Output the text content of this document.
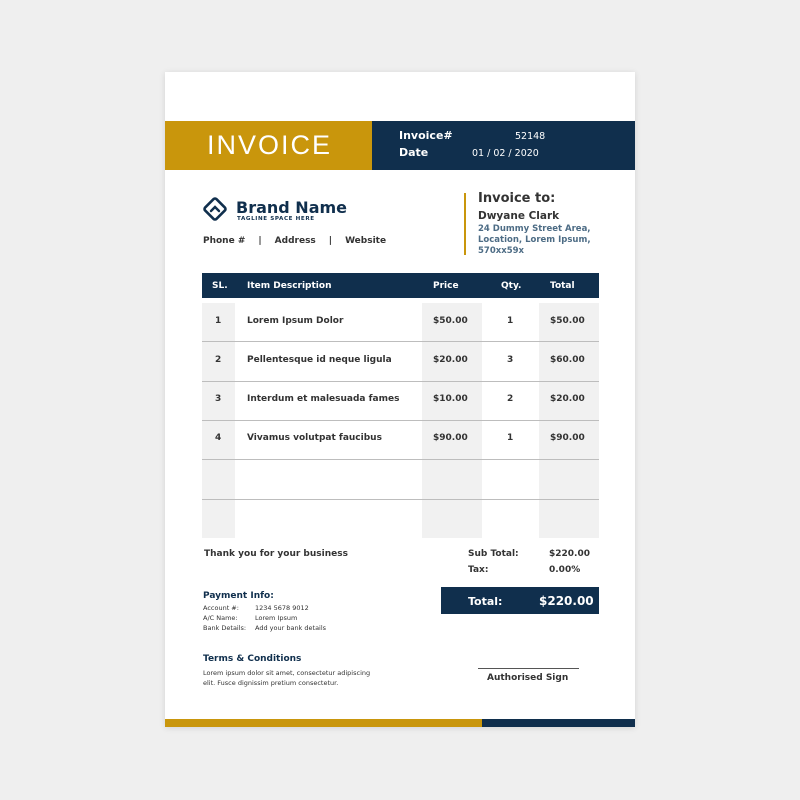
INVOICE	Invoice#	52148
Date	01 / 02 / 2020
Brand Name
TAGLINE SPACE HERE
Phone # | Address | Website
Invoice to:
Dwyane Clark
24 Dummy Street Area, Location, Lorem Ipsum, 570xx59x
SL. Item Description	Price	Qty.	Total
1	Lorem Ipsum Dolor	$50.00	1	$50.00
2	Pellentesque id neque ligula	$20.00	3	$60.00
3	Interdum et malesuada fames	$10.00	2	$20.00
4	Vivamus volutpat faucibus	$90.00	1	$90.00
Thank you for your business	Sub Total:	$220.00
Tax:	0.00%
Total:	$220.00
Payment Info:
Account #: 1234 5678 9012
A/C Name:	Lorem Ipsum
Bank Details: Add your bank details
Terms & Conditions
Lorem ipsum dolor sit amet, consectetur adipiscing elit. Fusce dignissim pretium consectetur.	Authorised Sign
